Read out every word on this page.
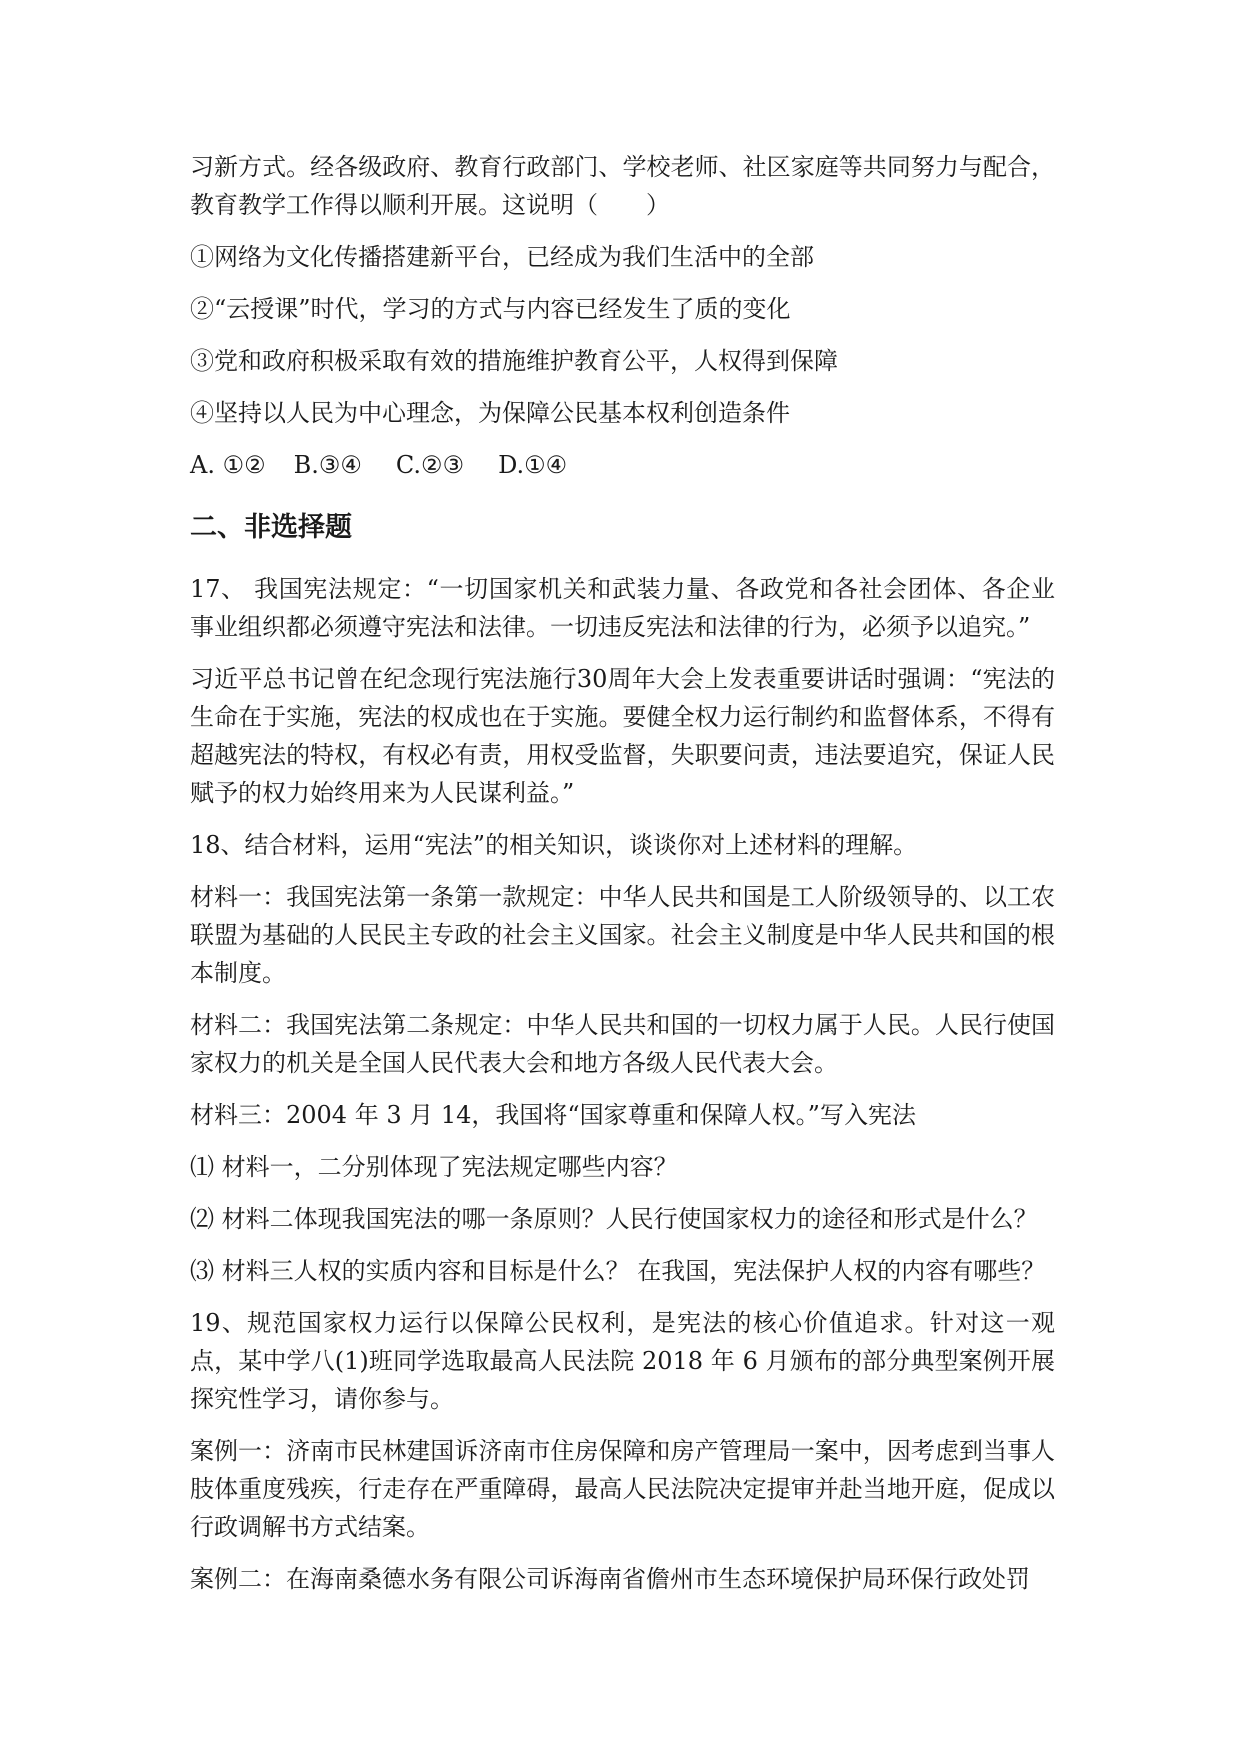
习新方式。经各级政府、教育行政部门、学校老师、社区家庭等共同努力与配合，教育教学工作得以顺利开展。这说明（　　）

①网络为文化传播搭建新平台，已经成为我们生活中的全部

②“云授课”时代，学习的方式与内容已经发生了质的变化

③党和政府积极采取有效的措施维护教育公平，人权得到保障

④坚持以人民为中心理念，为保障公民基本权利创造条件

A. ①② B.③④ C.②③ D.①④

二、非选择题

17、 我国宪法规定：“一切国家机关和武装力量、各政党和各社会团体、各企业事业组织都必须遵守宪法和法律。一切违反宪法和法律的行为，必须予以追究。”

习近平总书记曾在纪念现行宪法施行30周年大会上发表重要讲话时强调：“宪法的生命在于实施，宪法的权成也在于实施。要健全权力运行制约和监督体系，不得有超越宪法的特权，有权必有责，用权受监督，失职要问责，违法要追究，保证人民赋予的权力始终用来为人民谋利益。”

18、结合材料，运用“宪法”的相关知识，谈谈你对上述材料的理解。

材料一：我国宪法第一条第一款规定：中华人民共和国是工人阶级领导的、以工农联盟为基础的人民民主专政的社会主义国家。社会主义制度是中华人民共和国的根本制度。

材料二：我国宪法第二条规定：中华人民共和国的一切权力属于人民。人民行使国家权力的机关是全国人民代表大会和地方各级人民代表大会。

材料三：2004 年 3 月 14，我国将“国家尊重和保障人权。”写入宪法

⑴ 材料一，二分别体现了宪法规定哪些内容？

⑵ 材料二体现我国宪法的哪一条原则？人民行使国家权力的途径和形式是什么？

⑶ 材料三人权的实质内容和目标是什么？ 在我国，宪法保护人权的内容有哪些？

19、规范国家权力运行以保障公民权利，是宪法的核心价值追求。针对这一观点，某中学八(1)班同学选取最高人民法院 2018 年 6 月颁布的部分典型案例开展探究性学习，请你参与。

案例一：济南市民林建国诉济南市住房保障和房产管理局一案中，因考虑到当事人肢体重度残疾，行走存在严重障碍，最高人民法院决定提审并赴当地开庭，促成以行政调解书方式结案。

案例二：在海南桑德水务有限公司诉海南省儋州市生态环境保护局环保行政处罚
